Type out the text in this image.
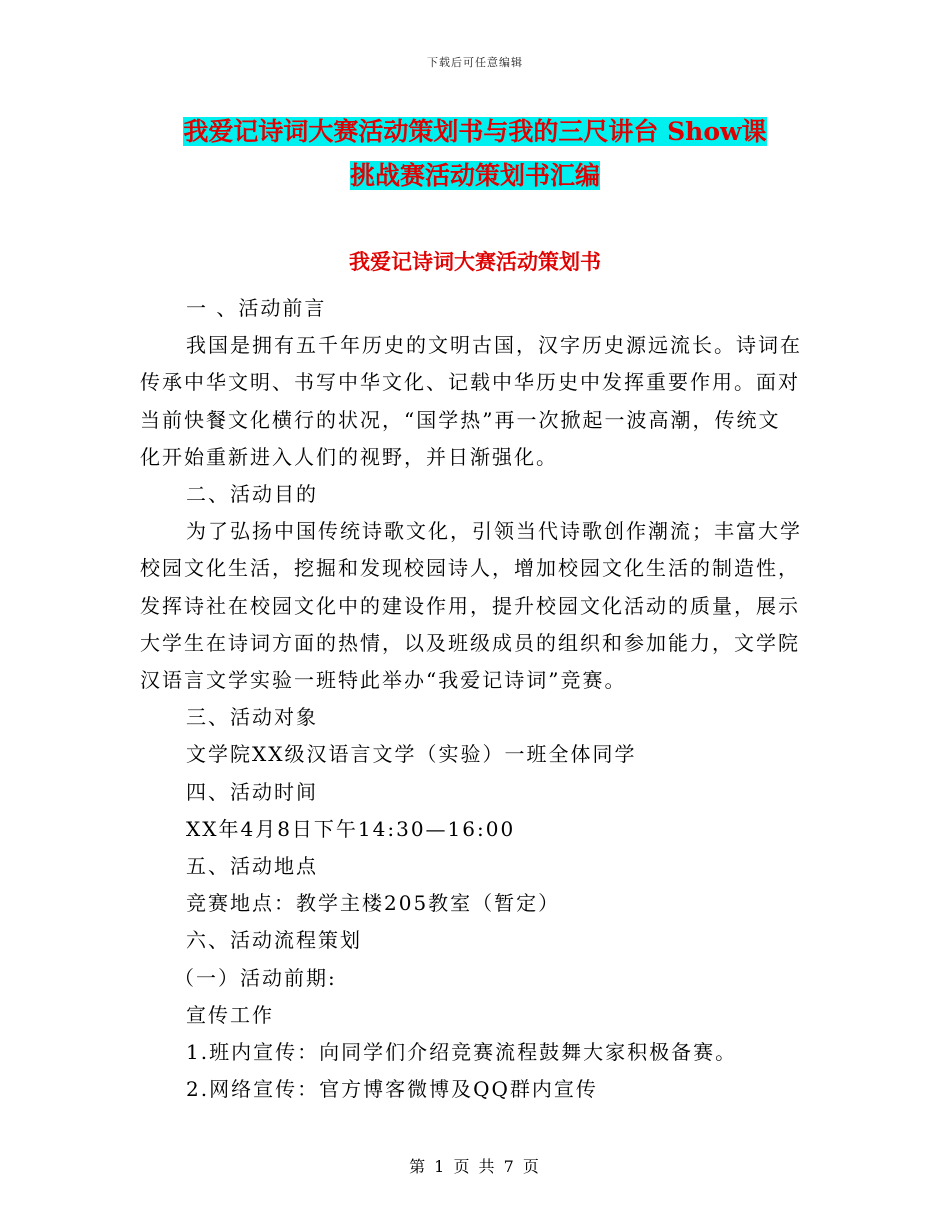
下载后可任意编辑
我爱记诗词大赛活动策划书与我的三尺讲台 Show课
挑战赛活动策划书汇编
我爱记诗词大赛活动策划书

一 、活动前言

我国是拥有五千年历史的文明古国，汉字历史源远流长。诗词在

传承中华文明、书写中华文化、记载中华历史中发挥重要作用。面对

当前快餐文化横行的状况，“国学热”再一次掀起一波高潮，传统文

化开始重新进入人们的视野，并日渐强化。

二、活动目的

为了弘扬中国传统诗歌文化，引领当代诗歌创作潮流；丰富大学

校园文化生活，挖掘和发现校园诗人，增加校园文化生活的制造性，

发挥诗社在校园文化中的建设作用，提升校园文化活动的质量，展示

大学生在诗词方面的热情，以及班级成员的组织和参加能力，文学院

汉语言文学实验一班特此举办“我爱记诗词”竞赛。

三、活动对象

文学院XX级汉语言文学（实验）一班全体同学

四、活动时间

XX年4月8日下午14:30—16:00

五、活动地点

竞赛地点：教学主楼205教室（暂定）

六、活动流程策划

（一）活动前期:

宣传工作

1.班内宣传：向同学们介绍竞赛流程鼓舞大家积极备赛。

2.网络宣传：官方博客微博及QQ群内宣传

第 1 页 共 7 页
